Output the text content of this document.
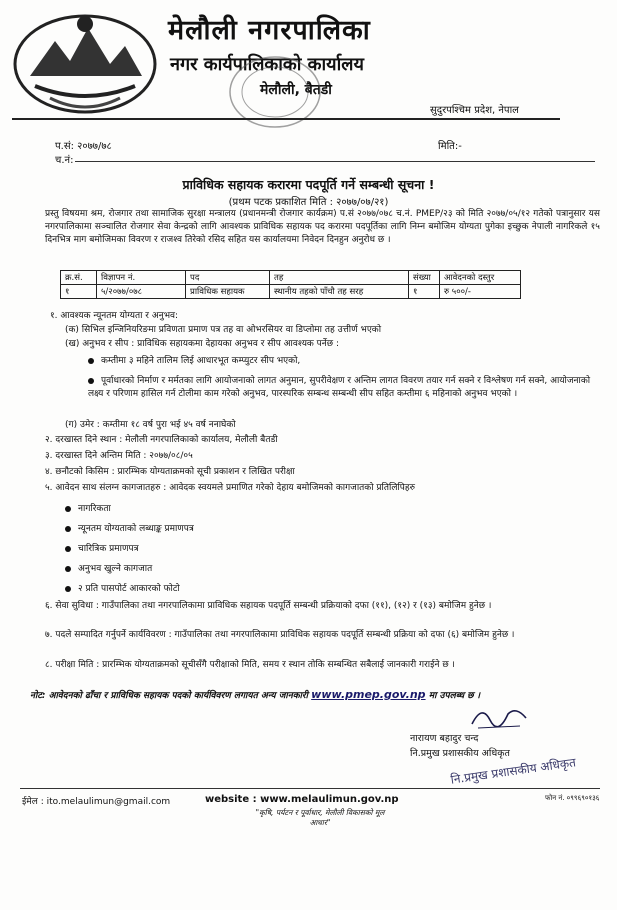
मेलौली नगरपालिका
नगर कार्यपालिकाको कार्यालय
मेलौली, बैतडी
सुदुरपश्चिम प्रदेश, नेपाल
प.सं: २०७७/७८
च.नं:
मिति:-
प्राविधिक सहायक करारमा पदपूर्ति गर्ने सम्बन्धी सूचना !
(प्रथम पटक प्रकाशित मिति : २०७७/०७/२१)
प्रस्तु विषयमा श्रम, रोजगार तथा सामाजिक सुरक्षा मन्त्रालय (प्रधानमन्त्री रोजगार कार्यक्रम) प.सं २०७७/०७८ च.नं. PMEP/२३ को मिति २०७७/०५/१२ गतेको पत्रानुसार यस नगरपालिकामा सञ्चालित रोजगार सेवा केन्द्रको लागि आवश्यक प्राविधिक सहायक पद करारमा पदपूर्तिका लागि निम्न बमोजिम योग्यता पुगेका इच्छुक नेपाली नागरिकले १५ दिनभित्र माग बमोजिमका विवरण र राजश्व तिरेको रसिद सहित यस कार्यालयमा निवेदन दिनहुन अनुरोध छ ।
क्र.सं.	विज्ञापन नं.	पद	तह	संख्या	आवेदनको दस्तुर
१	५/२०७७/०७८	प्राविधिक सहायक	स्थानीय तहको पाँचौ तह सरह	१	रु ५००/-
१. आवश्यक न्यूनतम योग्यता र अनुभव:
(क) सिभिल इन्जिनियरिङमा प्रविणता प्रमाण पत्र तह वा ओभरसियर वा डिप्लोमा तह उत्तीर्ण भएको
(ख) अनुभव र सीप : प्राविधिक सहायकमा देहायका अनुभव र सीप आवश्यक पर्नेछ :
कम्तीमा ३ महिने तालिम लिई आधारभूत कम्प्युटर सीप भएको,
पूर्वाधारको निर्माण र मर्मतका लागि आयोजनाको लागत अनुमान, सुपरीवेक्षण र अन्तिम लागत विवरण तयार गर्न सक्ने र विश्लेषण गर्न सक्ने, आयोजनाको लक्ष्य र परिणाम हासिल गर्न टोलीमा काम गरेको अनुभव, पारस्परिक सम्बन्ध सम्बन्धी सीप सहित कम्तीमा ६ महिनाको अनुभव भएको ।
(ग) उमेर : कम्तीमा १८ वर्ष पुरा भई ४५ वर्ष ननाघेको
२. दरखास्त दिने स्थान : मेलौली नगरपालिकाको कार्यालय, मेलौली बैतडी
३. दरखास्त दिने अन्तिम मिति : २०७७/०८/०५
४. छनौटको किसिम : प्रारम्भिक योग्यताक्रमको सूची प्रकाशन र लिखित परीक्षा
५. आवेदन साथ संलग्न कागजातहरु : आवेदक स्वयमले प्रमाणित गरेको देहाय बमोजिमको कागजातको प्रतिलिपिहरु
नागरिकता
न्यूनतम योग्यताको लब्धाङ्क प्रमाणपत्र
चारित्रिक प्रमाणपत्र
अनुभव खुल्ने कागजात
२ प्रति पासपोर्ट आकारको फोटो
६. सेवा सुविधा : गाउँपालिका तथा नगरपालिकामा प्राविधिक सहायक पदपूर्ति सम्बन्धी प्रक्रियाको दफा (११), (१२) र (१३) बमोजिम हुनेछ ।
७. पदले सम्पादित गर्नुपर्ने कार्यविवरण : गाउँपालिका तथा नगरपालिकामा प्राविधिक सहायक पदपूर्ति सम्बन्धी प्रक्रिया को दफा (६) बमोजिम हुनेछ ।
८. परीक्षा मिति : प्रारम्भिक योग्यताक्रमको सूचीसँगै परीक्षाको मिति, समय र स्थान तोकि सम्बन्धित सबैलाई जानकारी गराईने छ ।
नोट: आवेदनको ढाँचा र प्राविधिक सहायक पदको कार्यविवरण लगायत अन्य जानकारी www.pmep.gov.np मा उपलब्ध छ ।
नारायण बहादुर चन्द
नि.प्रमुख प्रशासकीय अधिकृत
नि.प्रमुख प्रशासकीय अधिकृत
ईमेल : ito.melaulimun@gmail.com	website : www.melaulimun.gov.np
"कृषि, पर्यटन र पूर्वाधार, मेलौली विकासको मूल आधार"
फोन नं. ०९९६९०१३६
